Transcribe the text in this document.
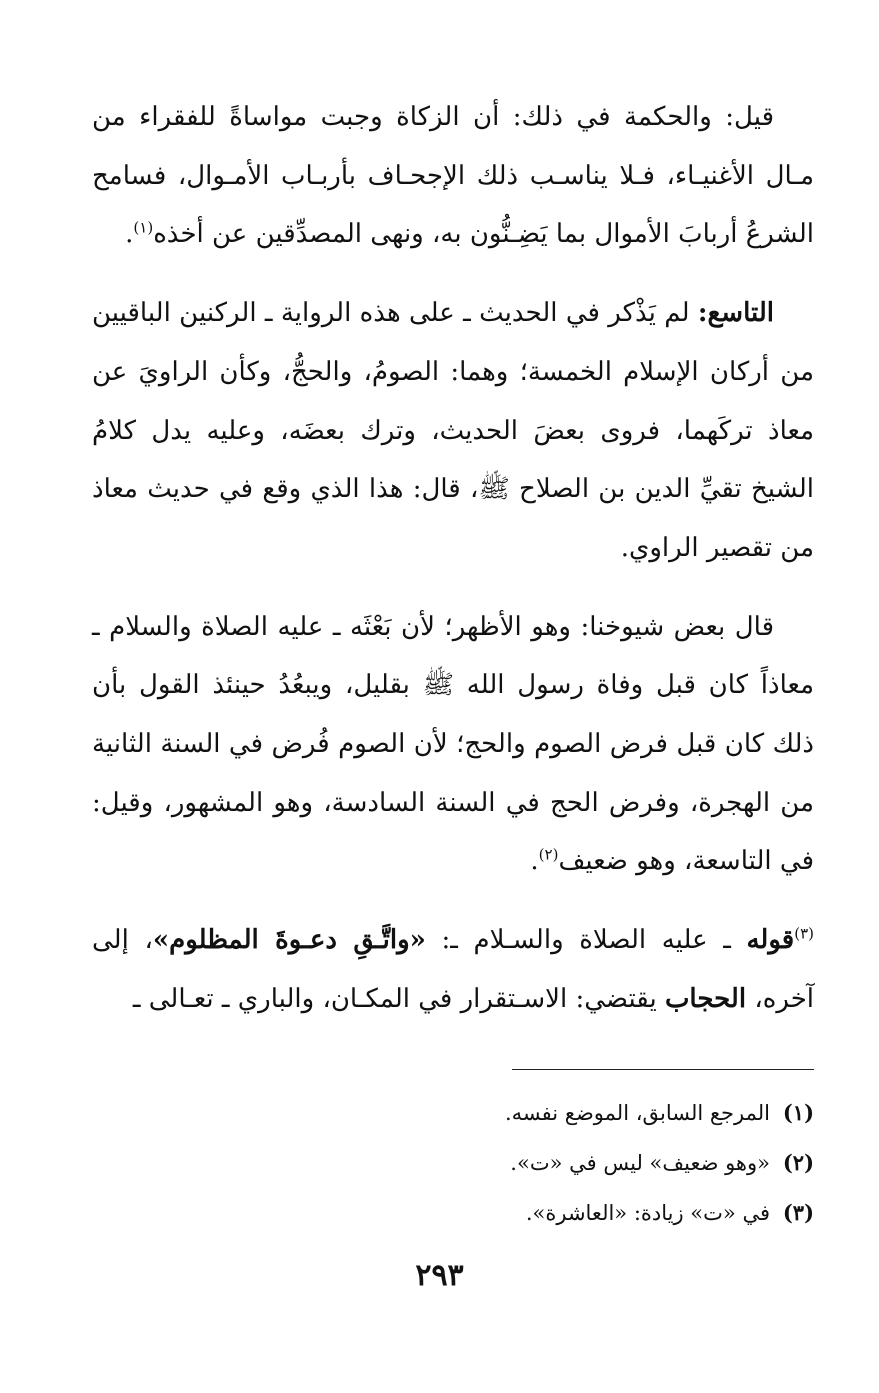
قيل: والحكمة في ذلك: أن الزكاة وجبت مواساةً للفقراء من مـال الأغنيـاء، فـلا يناسـب ذلك الإجحـاف بأربـاب الأمـوال، فسامح الشرعُ أربابَ الأموال بما يَضِـنُّون به، ونهى المصدِّقين عن أخذه$^{(١)}$.

التاسع: لم يَذْكر في الحديث ـ على هذه الرواية ـ الركنين الباقيين من أركان الإسلام الخمسة؛ وهما: الصومُ، والحجُّ، وكأن الراويَ عن معاذ تركَهما، فروى بعضَ الحديث، وترك بعضَه، وعليه يدل كلامُ الشيخ تقيِّ الدين بن الصلاح ﷺ، قال: هذا الذي وقع في حديث معاذ من تقصير الراوي.

قال بعض شيوخنا: وهو الأظهر؛ لأن بَعْثَه ـ عليه الصلاة والسلام ـ معاذاً كان قبل وفاة رسول الله ﷺ بقليل، ويبعُدُ حينئذ القول بأن ذلك كان قبل فرض الصوم والحج؛ لأن الصوم فُرض في السنة الثانية من الهجرة، وفرض الحج في السنة السادسة، وهو المشهور، وقيل: في التاسعة، وهو ضعيف$^{(٢)}$.

$^{(٣)}$قوله ـ عليه الصلاة والسـلام ـ: «واتَّـقِ دعـوةَ المظلوم»، إلى آخره، الحجاب يقتضي: الاسـتقرار في المكـان، والباري ـ تعـالى ـ

(١)المرجع السابق، الموضع نفسه.
(٢)«وهو ضعيف» ليس في «ت».
(٣)في «ت» زيادة: «العاشرة».
٢٩٣
